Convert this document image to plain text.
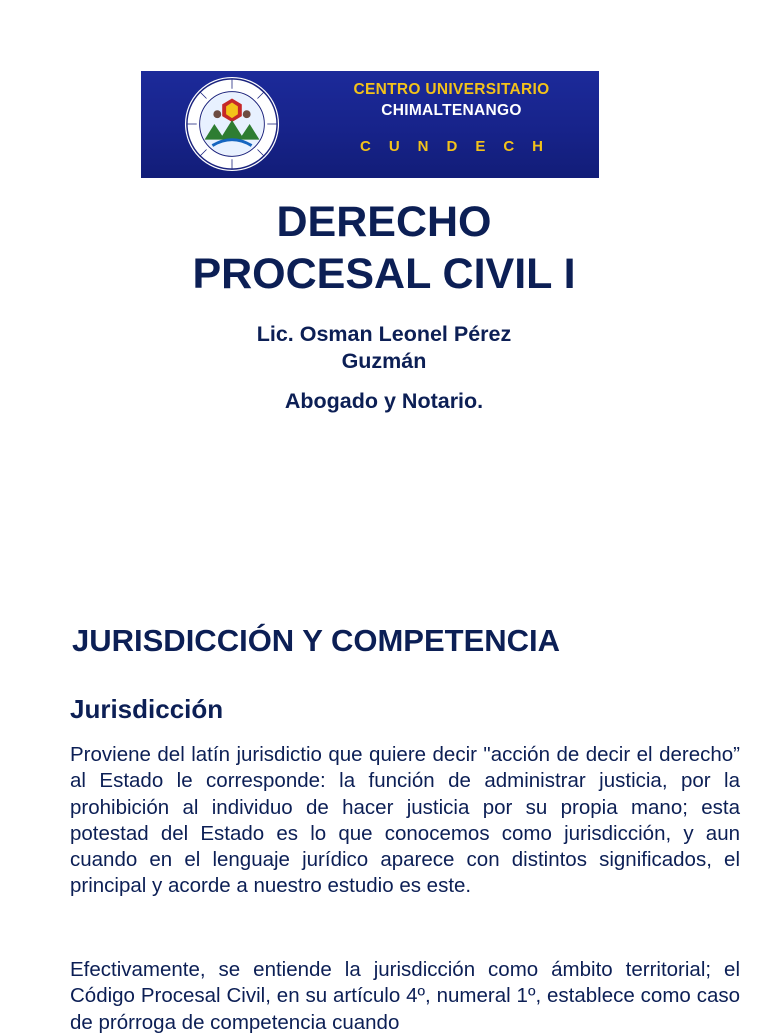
CENTRO UNIVERSITARIO
CHIMALTENANGO
CUNDECH
DERECHO
PROCESAL CIVIL I
Lic. Osman Leonel Pérez
Guzmán
Abogado y Notario.
JURISDICCIÓN Y COMPETENCIA
Jurisdicción

Proviene del latín jurisdictio que quiere decir "acción de decir el derecho” al Estado le corresponde: la función de administrar justicia, por la prohibición al individuo de hacer justicia por su propia mano; esta potestad del Estado es lo que conocemos como jurisdicción, y aun cuando en el lenguaje jurídico aparece con distintos significados, el principal y acorde a nuestro estudio es este.

Efectivamente, se entiende la jurisdicción como ámbito territorial; el Código Procesal Civil, en su artículo 4º, numeral 1º, establece como caso de prórroga de competencia cuando
